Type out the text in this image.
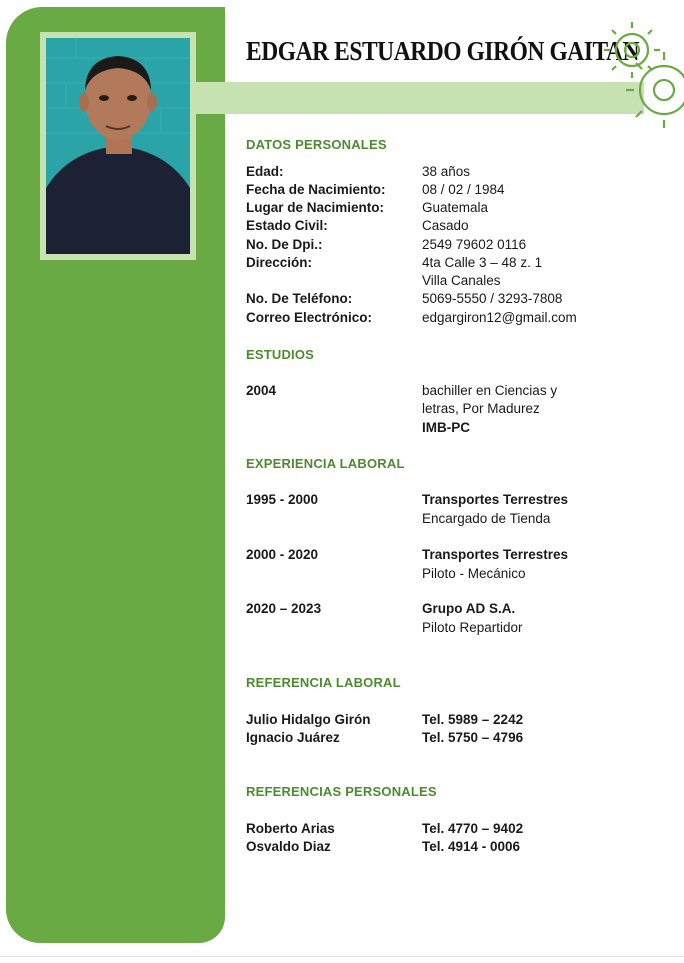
EDGAR ESTUARDO GIRÓN GAITAN
DATOS PERSONALES
Edad:	38 años
Fecha de Nacimiento:	08 / 02 / 1984
Lugar de Nacimiento:	Guatemala
Estado Civil:	Casado
No. De Dpi.:	2549 79602 0116
Dirección:	4ta Calle 3 – 48 z. 1
Villa Canales
No. De Teléfono:	5069-5550 / 3293-7808
Correo Electrónico:	edgargiron12@gmail.com
ESTUDIOS
2004	bachiller en Ciencias y
letras, Por Madurez
IMB-PC
EXPERIENCIA LABORAL
1995 - 2000	Transportes Terrestres
Encargado de Tienda
2000 - 2020	Transportes Terrestres
Piloto - Mecánico
2020 – 2023	Grupo AD S.A.
Piloto Repartidor
REFERENCIA LABORAL
Julio Hidalgo Girón	Tel. 5989 – 2242
Ignacio Juárez	Tel. 5750 – 4796
REFERENCIAS PERSONALES
Roberto Arias	Tel. 4770 – 9402
Osvaldo Diaz	Tel. 4914 - 0006
